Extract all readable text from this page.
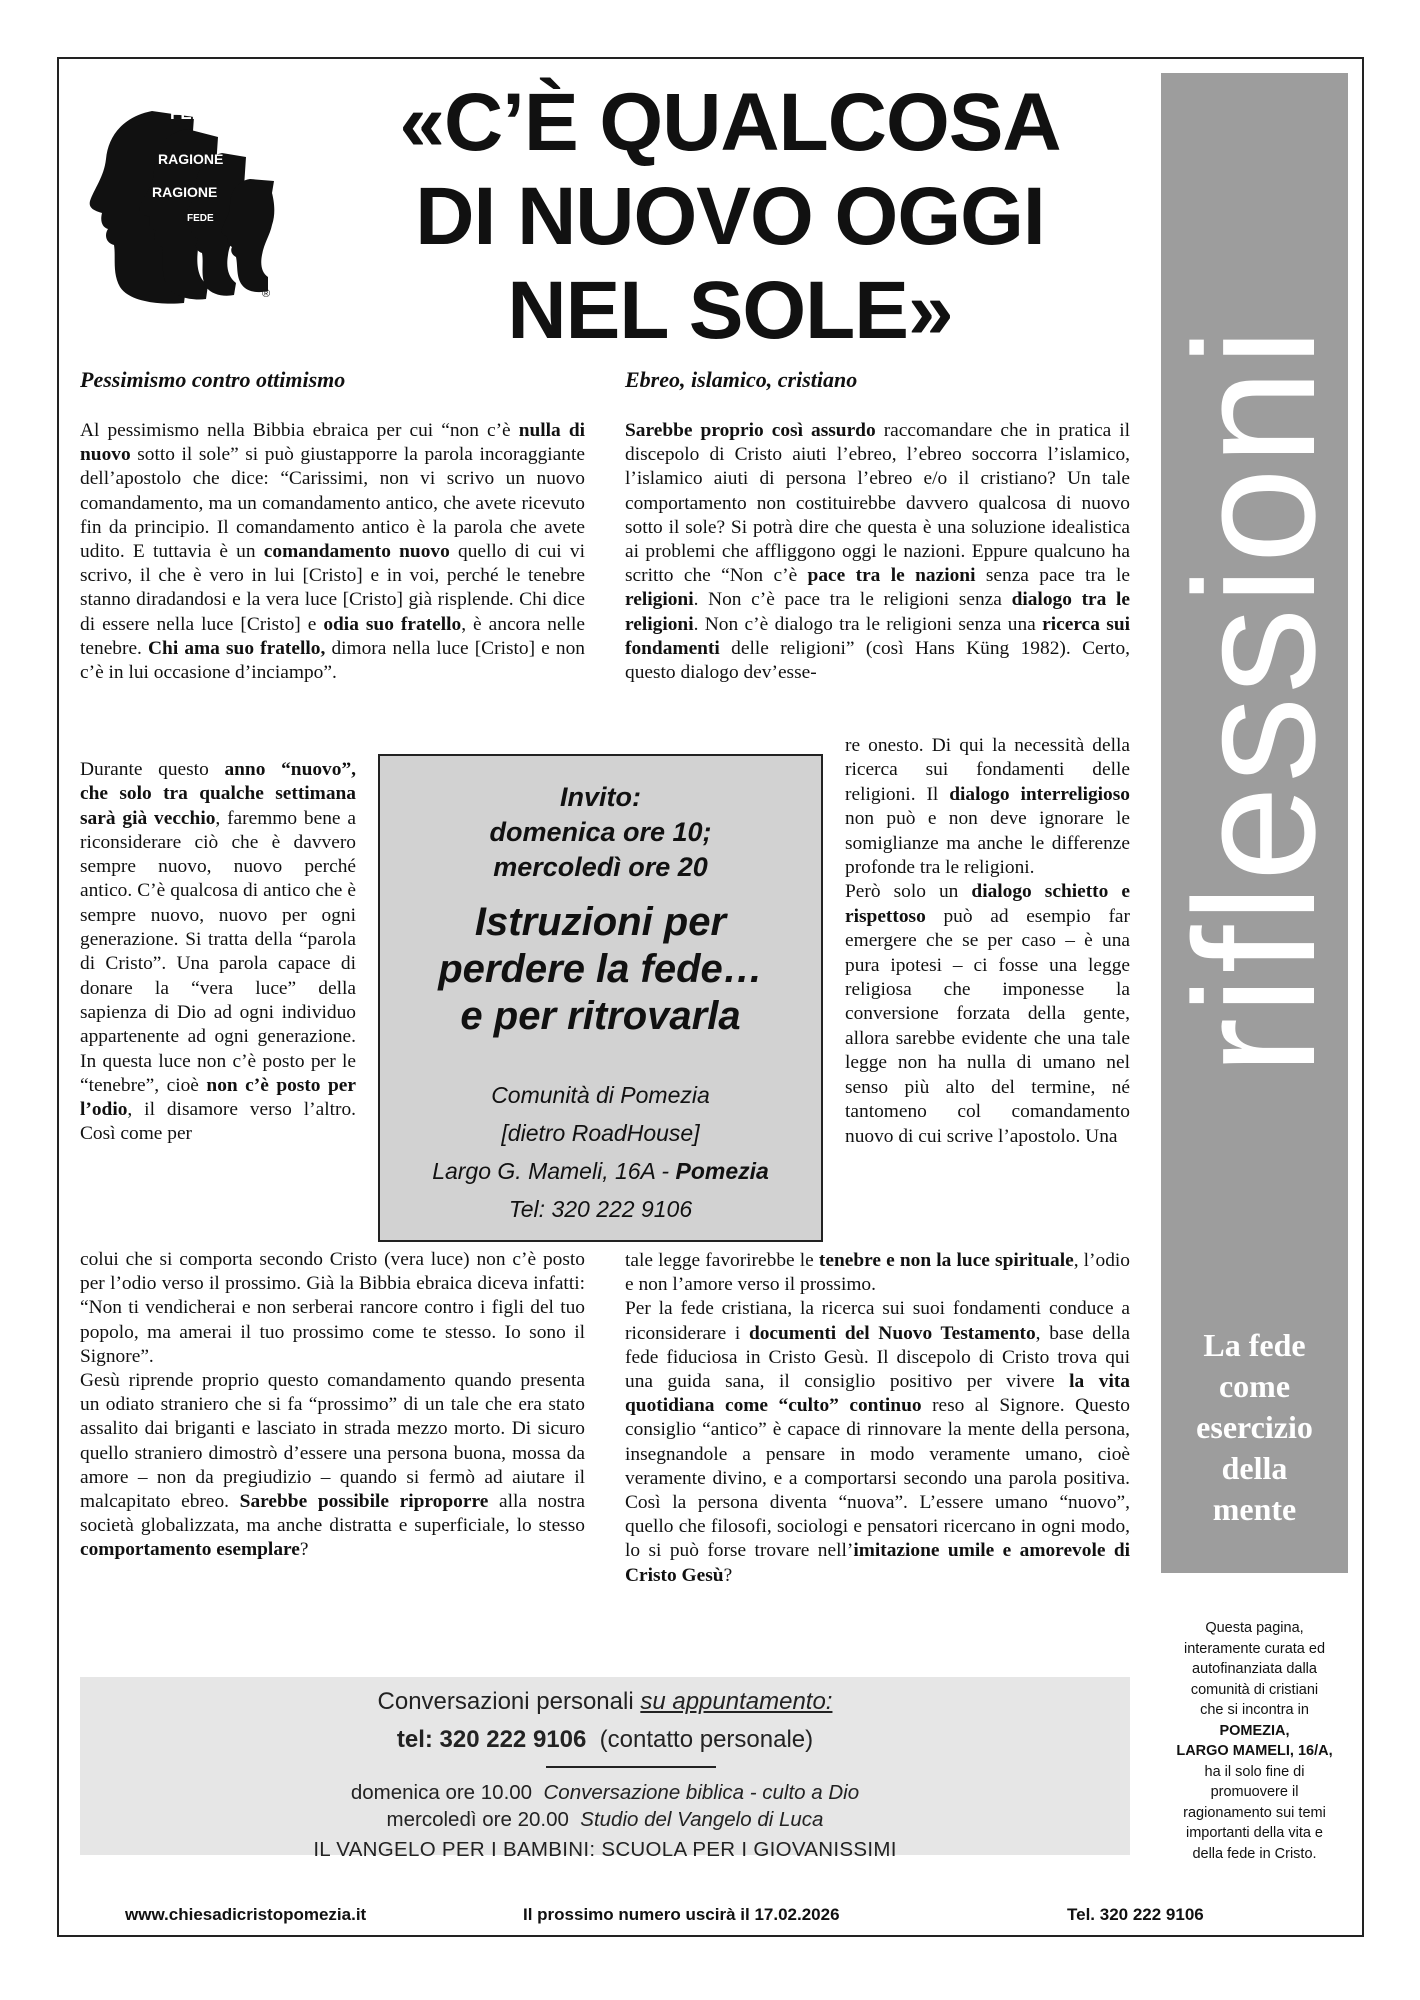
FEDE
RAGIONE
RAGIONE
FEDE
®
«C’È QUALCOSA
DI NUOVO OGGI
NEL SOLE»
riflessioni
La fede
come
esercizio
della
mente
Questa pagina,
interamente curata ed
autofinanziata dalla
comunità di cristiani
che si incontra in
POMEZIA,
LARGO MAMELI, 16/A,
ha il solo fine di
promuovere il
ragionamento sui temi
importanti della vita e
della fede in Cristo.
Pessimismo contro ottimismo

Al pessimismo nella Bibbia ebraica per cui “non c’è nulla di nuovo sotto il sole” si può giustapporre la parola incoraggiante dell’apostolo che dice: “Carissimi, non vi scrivo un nuovo comandamento, ma un comandamento antico, che avete ricevuto fin da principio. Il comandamento antico è la parola che avete udito. E tuttavia è un comandamento nuovo quello di cui vi scrivo, il che è vero in lui [Cristo] e in voi, perché le tenebre stanno diradandosi e la vera luce [Cristo] già risplende. Chi dice di essere nella luce [Cristo] e odia suo fratello, è ancora nelle tenebre. Chi ama suo fratello, dimora nella luce [Cristo] e non c’è in lui occasione d’inciampo”.

Durante questo anno “nuovo”, che solo tra qualche settimana sarà già vecchio, faremmo bene a riconsiderare ciò che è davvero sempre nuovo, nuovo perché antico. C’è qualcosa di antico che è sempre nuovo, nuovo per ogni generazione. Si tratta della “parola di Cristo”. Una parola capace di donare la “vera luce” della sapienza di Dio ad ogni individuo appartenente ad ogni generazione. In questa luce non c’è posto per le “tenebre”, cioè non c’è posto per l’odio, il disamore verso l’altro. Così come per

colui che si comporta secondo Cristo (vera luce) non c’è posto per l’odio verso il prossimo. Già la Bibbia ebraica diceva infatti: “Non ti vendicherai e non serberai rancore contro i figli del tuo popolo, ma amerai il tuo prossimo come te stesso. Io sono il Signore”.

Gesù riprende proprio questo comandamento quando presenta un odiato straniero che si fa “prossimo” di un tale che era stato assalito dai briganti e lasciato in strada mezzo morto. Di sicuro quello straniero dimostrò d’essere una persona buona, mossa da amore – non da pregiudizio – quando si fermò ad aiutare il malcapitato ebreo. Sarebbe possibile riproporre alla nostra società globalizzata, ma anche distratta e superficiale, lo stesso comportamento esemplare?

Ebreo, islamico, cristiano

Sarebbe proprio così assurdo raccomandare che in pratica il discepolo di Cristo aiuti l’ebreo, l’ebreo soccorra l’islamico, l’islamico aiuti di persona l’ebreo e/o il cristiano? Un tale comportamento non costituirebbe davvero qualcosa di nuovo sotto il sole? Si potrà dire che questa è una soluzione idealistica ai problemi che affliggono oggi le nazioni. Eppure qualcuno ha scritto che “Non c’è pace tra le nazioni senza pace tra le religioni. Non c’è pace tra le religioni senza dialogo tra le religioni. Non c’è dialogo tra le religioni senza una ricerca sui fondamenti delle religioni” (così Hans Küng 1982). Certo, questo dialogo dev’esse-

re onesto. Di qui la necessità della ricerca sui fondamenti delle religioni. Il dialogo interreligioso non può e non deve ignorare le somiglianze ma anche le differenze profonde tra le religioni.

Però solo un dialogo schietto e rispettoso può ad esempio far emergere che se per caso – è una pura ipotesi – ci fosse una legge religiosa che imponesse la conversione forzata della gente, allora sarebbe evidente che una tale legge non ha nulla di umano nel senso più alto del termine, né tantomeno col comandamento nuovo di cui scrive l’apostolo. Una

tale legge favorirebbe le tenebre e non la luce spirituale, l’odio e non l’amore verso il prossimo.

Per la fede cristiana, la ricerca sui suoi fondamenti conduce a riconsiderare i documenti del Nuovo Testamento, base della fede fiduciosa in Cristo Gesù. Il discepolo di Cristo trova qui una guida sana, il consiglio positivo per vivere la vita quotidiana come “culto” continuo reso al Signore. Questo consiglio “antico” è capace di rinnovare la mente della persona, insegnandole a pensare in modo veramente umano, cioè veramente divino, e a comportarsi secondo una parola positiva. Così la persona diventa “nuova”. L’essere umano “nuovo”, quello che filosofi, sociologi e pensatori ricercano in ogni modo, lo si può forse trovare nell’imitazione umile e amorevole di Cristo Gesù?

Invito:
domenica ore 10;
mercoledì ore 20
Istruzioni per
perdere la fede…
e per ritrovarla
Comunità di Pomezia
[dietro RoadHouse]
Largo G. Mameli, 16A - Pomezia
Tel: 320 222 9106
Conversazioni personali su appuntamento:
tel: 320 222 9106  (contatto personale)
domenica ore 10.00 Conversazione biblica - culto a Dio
mercoledì ore 20.00 Studio del Vangelo di Luca
IL VANGELO PER I BAMBINI: SCUOLA PER I GIOVANISSIMI
www.chiesadicristopomezia.it	Il prossimo numero uscirà il 17.02.2026	Tel. 320 222 9106
